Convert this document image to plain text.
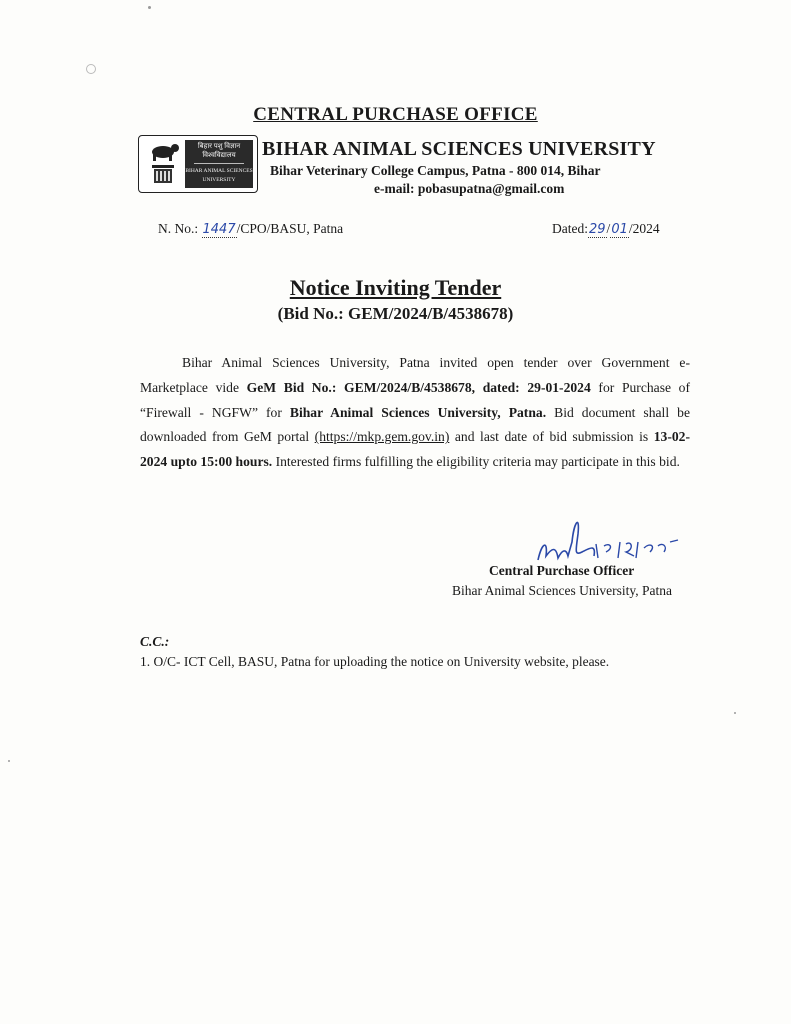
CENTRAL PURCHASE OFFICE
बिहार पशु विज्ञान
विश्वविद्यालय
BIHAR ANIMAL SCIENCES
UNIVERSITY
BIHAR ANIMAL SCIENCES UNIVERSITY
Bihar Veterinary College Campus, Patna - 800 014, Bihar
e-mail: pobasupatna@gmail.com
N. No.: 1447/CPO/BASU, Patna	Dated:29/01/2024
Notice Inviting Tender
(Bid No.: GEM/2024/B/4538678)
Bihar Animal Sciences University, Patna invited open tender over Government e-Marketplace vide GeM Bid No.: GEM/2024/B/4538678, dated: 29-01-2024 for Purchase of “Firewall - NGFW” for Bihar Animal Sciences University, Patna. Bid document shall be downloaded from GeM portal (https://mkp.gem.gov.in) and last date of bid submission is 13-02-2024 upto 15:00 hours. Interested firms fulfilling the eligibility criteria may participate in this bid.
Central Purchase Officer
Bihar Animal Sciences University, Patna
C.C.:
1. O/C- ICT Cell, BASU, Patna for uploading the notice on University website, please.
